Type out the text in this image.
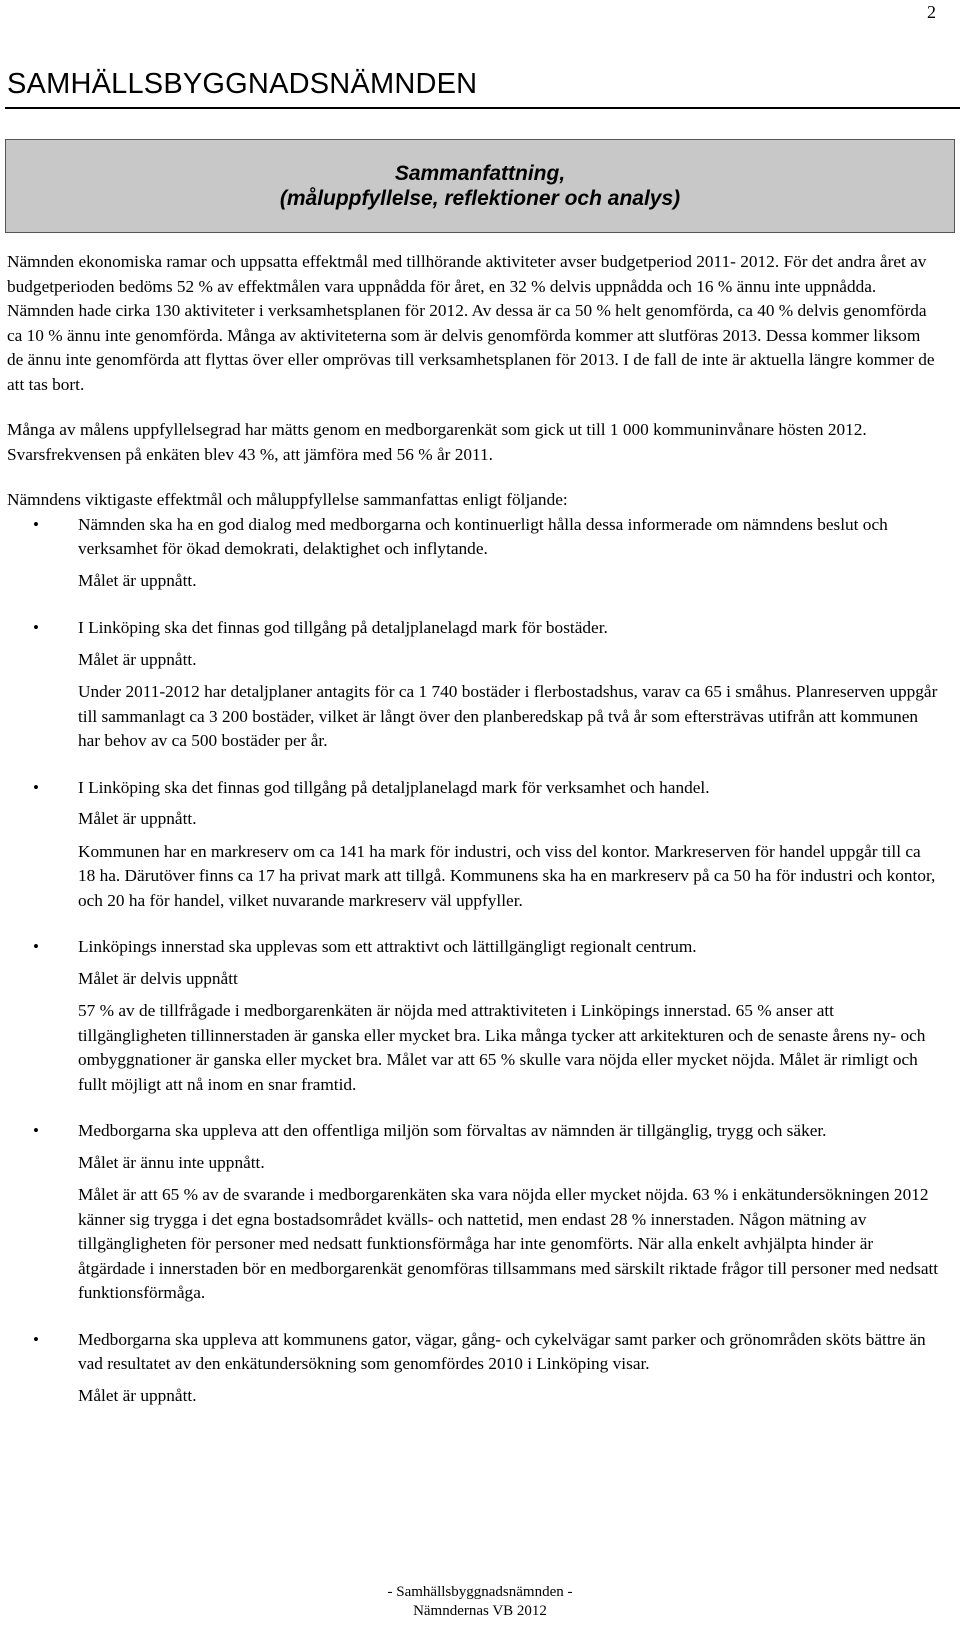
2
SAMHÄLLSBYGGNADSNÄMNDEN
Sammanfattning,
(måluppfyllelse, reflektioner och analys)

Nämnden ekonomiska ramar och uppsatta effektmål med tillhörande aktiviteter avser budgetperiod 2011- 2012. För det andra året av budgetperioden bedöms 52 % av effektmålen vara uppnådda för året, en 32 % delvis uppnådda och 16 % ännu inte uppnådda. Nämnden hade cirka 130 aktiviteter i verksamhetsplanen för 2012. Av dessa är ca 50 % helt genomförda, ca 40 % delvis genomförda ca 10 % ännu inte genomförda. Många av aktiviteterna som är delvis genomförda kommer att slutföras 2013. Dessa kommer liksom de ännu inte genomförda att flyttas över eller omprövas till verksamhetsplanen för 2013. I de fall de inte är aktuella längre kommer de att tas bort.

Många av målens uppfyllelsegrad har mätts genom en medborgarenkät som gick ut till 1 000 kommuninvånare hösten 2012. Svarsfrekvensen på enkäten blev 43 %, att jämföra med 56 % år 2011.

Nämndens viktigaste effektmål och måluppfyllelse sammanfattas enligt följande:

• Nämnden ska ha en god dialog med medborgarna och kontinuerligt hålla dessa informerade om nämndens beslut och verksamhet för ökad demokrati, delaktighet och inflytande.

Målet är uppnått.

• I Linköping ska det finnas god tillgång på detaljplanelagd mark för bostäder.

Målet är uppnått.

Under 2011-2012 har detaljplaner antagits för ca 1 740 bostäder i flerbostadshus, varav ca 65 i småhus. Planreserven uppgår till sammanlagt ca 3 200 bostäder, vilket är långt över den planberedskap på två år som eftersträvas utifrån att kommunen har behov av ca 500 bostäder per år.

• I Linköping ska det finnas god tillgång på detaljplanelagd mark för verksamhet och handel.

Målet är uppnått.

Kommunen har en markreserv om ca 141 ha mark för industri, och viss del kontor. Markreserven för handel uppgår till ca 18 ha. Därutöver finns ca 17 ha privat mark att tillgå. Kommunens ska ha en markreserv på ca 50 ha för industri och kontor, och 20 ha för handel, vilket nuvarande markreserv väl uppfyller.

• Linköpings innerstad ska upplevas som ett attraktivt och lättillgängligt regionalt centrum.

Målet är delvis uppnått

57 % av de tillfrågade i medborgarenkäten är nöjda med attraktiviteten i Linköpings innerstad. 65 % anser att tillgängligheten tillinnerstaden är ganska eller mycket bra. Lika många tycker att arkitekturen och de senaste årens ny- och ombyggnationer är ganska eller mycket bra. Målet var att 65 % skulle vara nöjda eller mycket nöjda. Målet är rimligt och fullt möjligt att nå inom en snar framtid.

• Medborgarna ska uppleva att den offentliga miljön som förvaltas av nämnden är tillgänglig, trygg och säker.

Målet är ännu inte uppnått.

Målet är att 65 % av de svarande i medborgarenkäten ska vara nöjda eller mycket nöjda. 63 % i enkätundersökningen 2012 känner sig trygga i det egna bostadsområdet kvälls- och nattetid, men endast 28 % innerstaden. Någon mätning av tillgängligheten för personer med nedsatt funktionsförmåga har inte genomförts. När alla enkelt avhjälpta hinder är åtgärdade i innerstaden bör en medborgarenkät genomföras tillsammans med särskilt riktade frågor till personer med nedsatt funktionsförmåga.

• Medborgarna ska uppleva att kommunens gator, vägar, gång- och cykelvägar samt parker och grönområden sköts bättre än vad resultatet av den enkätundersökning som genomfördes 2010 i Linköping visar.

Målet är uppnått.

- Samhällsbyggnadsnämnden -
Nämndernas VB 2012
